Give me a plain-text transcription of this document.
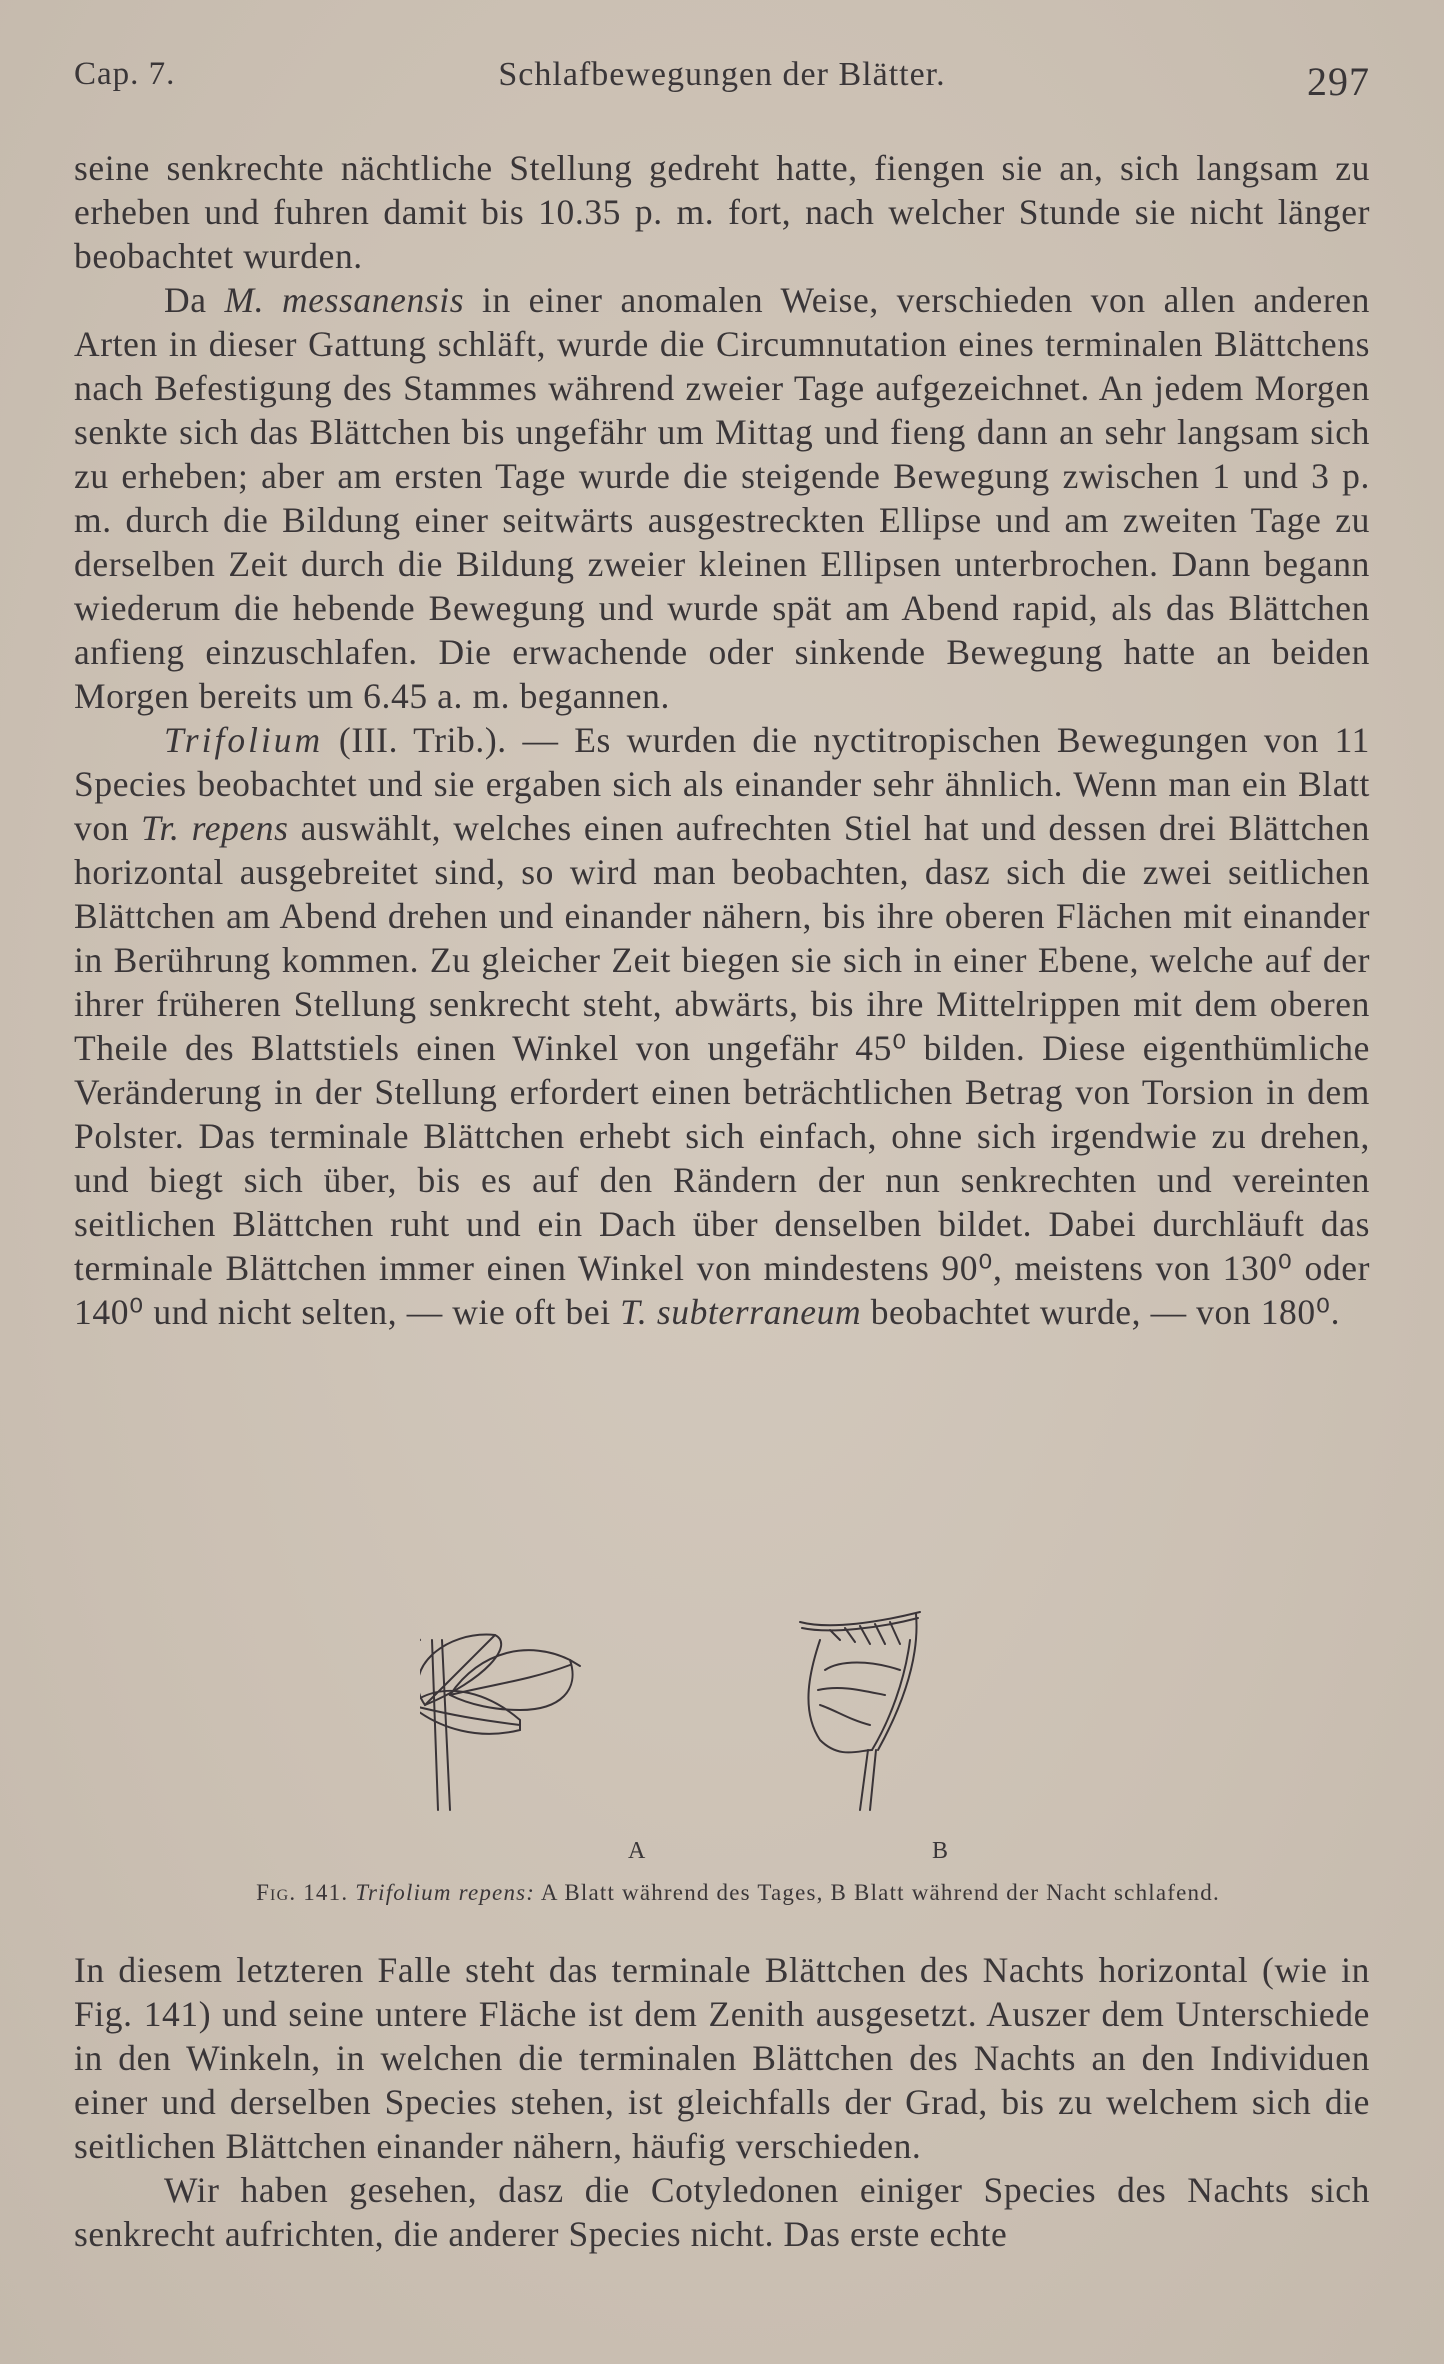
Cap. 7.	Schlafbewegungen der Blätter.	297

seine senkrechte nächtliche Stellung gedreht hatte, fiengen sie an, sich langsam zu erheben und fuhren damit bis 10.35 p. m. fort, nach welcher Stunde sie nicht länger beobachtet wurden.

Da M. messanensis in einer anomalen Weise, verschieden von allen anderen Arten in dieser Gattung schläft, wurde die Circumnutation eines terminalen Blättchens nach Befestigung des Stammes während zweier Tage aufgezeichnet. An jedem Morgen senkte sich das Blättchen bis ungefähr um Mittag und fieng dann an sehr langsam sich zu erheben; aber am ersten Tage wurde die steigende Bewegung zwischen 1 und 3 p. m. durch die Bildung einer seitwärts ausgestreckten Ellipse und am zweiten Tage zu derselben Zeit durch die Bildung zweier kleinen Ellipsen unterbrochen. Dann begann wiederum die hebende Bewegung und wurde spät am Abend rapid, als das Blättchen anfieng einzuschlafen. Die erwachende oder sinkende Bewegung hatte an beiden Morgen bereits um 6.45 a. m. begannen.

Trifolium (III. Trib.). — Es wurden die nyctitropischen Bewegungen von 11 Species beobachtet und sie ergaben sich als einander sehr ähnlich. Wenn man ein Blatt von Tr. repens auswählt, welches einen aufrechten Stiel hat und dessen drei Blättchen horizontal ausgebreitet sind, so wird man beobachten, dasz sich die zwei seitlichen Blättchen am Abend drehen und einander nähern, bis ihre oberen Flächen mit einander in Berührung kommen. Zu gleicher Zeit biegen sie sich in einer Ebene, welche auf der ihrer früheren Stellung senkrecht steht, abwärts, bis ihre Mittelrippen mit dem oberen Theile des Blattstiels einen Winkel von ungefähr 45⁰ bilden. Diese eigenthümliche Veränderung in der Stellung erfordert einen beträchtlichen Betrag von Torsion in dem Polster. Das terminale Blättchen erhebt sich einfach, ohne sich irgendwie zu drehen, und biegt sich über, bis es auf den Rändern der nun senkrechten und vereinten seitlichen Blättchen ruht und ein Dach über denselben bildet. Dabei durchläuft das terminale Blättchen immer einen Winkel von mindestens 90⁰, meistens von 130⁰ oder 140⁰ und nicht selten, — wie oft bei T. subterraneum beobachtet wurde, — von 180⁰.

A	B
Fig. 141. Trifolium repens: A Blatt während des Tages, B Blatt während der Nacht schlafend.

In diesem letzteren Falle steht das terminale Blättchen des Nachts horizontal (wie in Fig. 141) und seine untere Fläche ist dem Zenith ausgesetzt. Auszer dem Unterschiede in den Winkeln, in welchen die terminalen Blättchen des Nachts an den Individuen einer und derselben Species stehen, ist gleichfalls der Grad, bis zu welchem sich die seitlichen Blättchen einander nähern, häufig verschieden.

Wir haben gesehen, dasz die Cotyledonen einiger Species des Nachts sich senkrecht aufrichten, die anderer Species nicht. Das erste echte
